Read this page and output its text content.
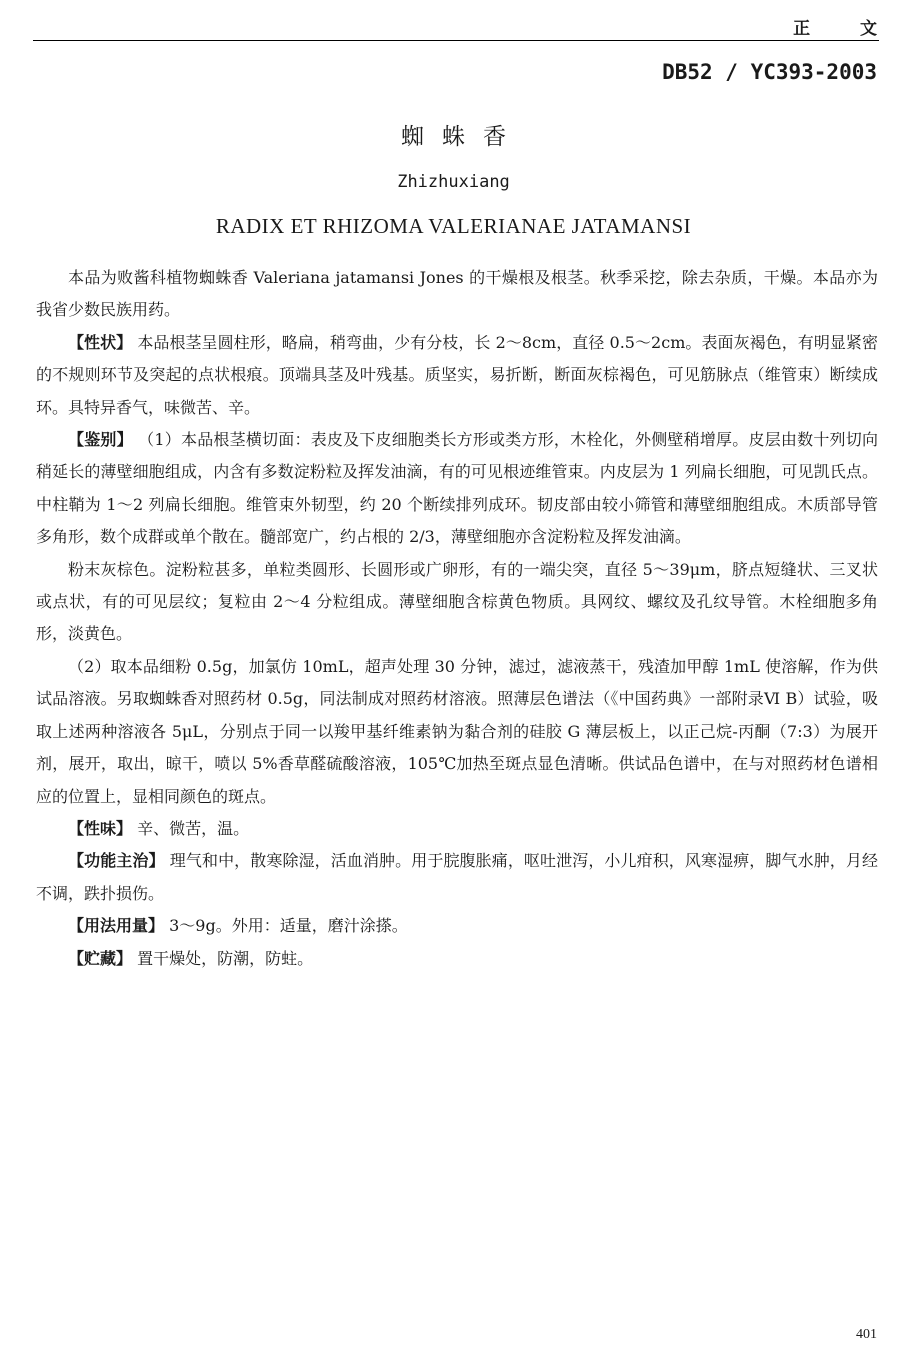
正 文
DB52 / YC393-2003
蜘蛛香
Zhizhuxiang
RADIX ET RHIZOMA VALERIANAE JATAMANSI

本品为败酱科植物蜘蛛香 Valeriana jatamansi Jones 的干燥根及根茎。秋季采挖，除去杂质，干燥。本品亦为我省少数民族用药。

【性状】 本品根茎呈圆柱形，略扁，稍弯曲，少有分枝，长 2～8cm，直径 0.5～2cm。表面灰褐色，有明显紧密的不规则环节及突起的点状根痕。顶端具茎及叶残基。质坚实，易折断，断面灰棕褐色，可见筋脉点（维管束）断续成环。具特异香气，味微苦、辛。

【鉴别】 （1）本品根茎横切面：表皮及下皮细胞类长方形或类方形，木栓化，外侧壁稍增厚。皮层由数十列切向稍延长的薄壁细胞组成，内含有多数淀粉粒及挥发油滴，有的可见根迹维管束。内皮层为 1 列扁长细胞，可见凯氏点。中柱鞘为 1～2 列扁长细胞。维管束外韧型，约 20 个断续排列成环。韧皮部由较小筛管和薄壁细胞组成。木质部导管多角形，数个成群或单个散在。髓部宽广，约占根的 2/3，薄壁细胞亦含淀粉粒及挥发油滴。

粉末灰棕色。淀粉粒甚多，单粒类圆形、长圆形或广卵形，有的一端尖突，直径 5～39μm，脐点短缝状、三叉状或点状，有的可见层纹；复粒由 2～4 分粒组成。薄壁细胞含棕黄色物质。具网纹、螺纹及孔纹导管。木栓细胞多角形，淡黄色。

（2）取本品细粉 0.5g，加氯仿 10mL，超声处理 30 分钟，滤过，滤液蒸干，残渣加甲醇 1mL 使溶解，作为供试品溶液。另取蜘蛛香对照药材 0.5g，同法制成对照药材溶液。照薄层色谱法（《中国药典》一部附录Ⅵ B）试验，吸取上述两种溶液各 5μL，分别点于同一以羧甲基纤维素钠为黏合剂的硅胶 G 薄层板上，以正己烷-丙酮（7:3）为展开剂，展开，取出，晾干，喷以 5%香草醛硫酸溶液，105℃加热至斑点显色清晰。供试品色谱中，在与对照药材色谱相应的位置上，显相同颜色的斑点。

【性味】 辛、微苦，温。

【功能主治】 理气和中，散寒除湿，活血消肿。用于脘腹胀痛，呕吐泄泻，小儿疳积，风寒湿痹，脚气水肿，月经不调，跌扑损伤。

【用法用量】 3～9g。外用：适量，磨汁涂搽。

【贮藏】 置干燥处，防潮，防蛀。

401
